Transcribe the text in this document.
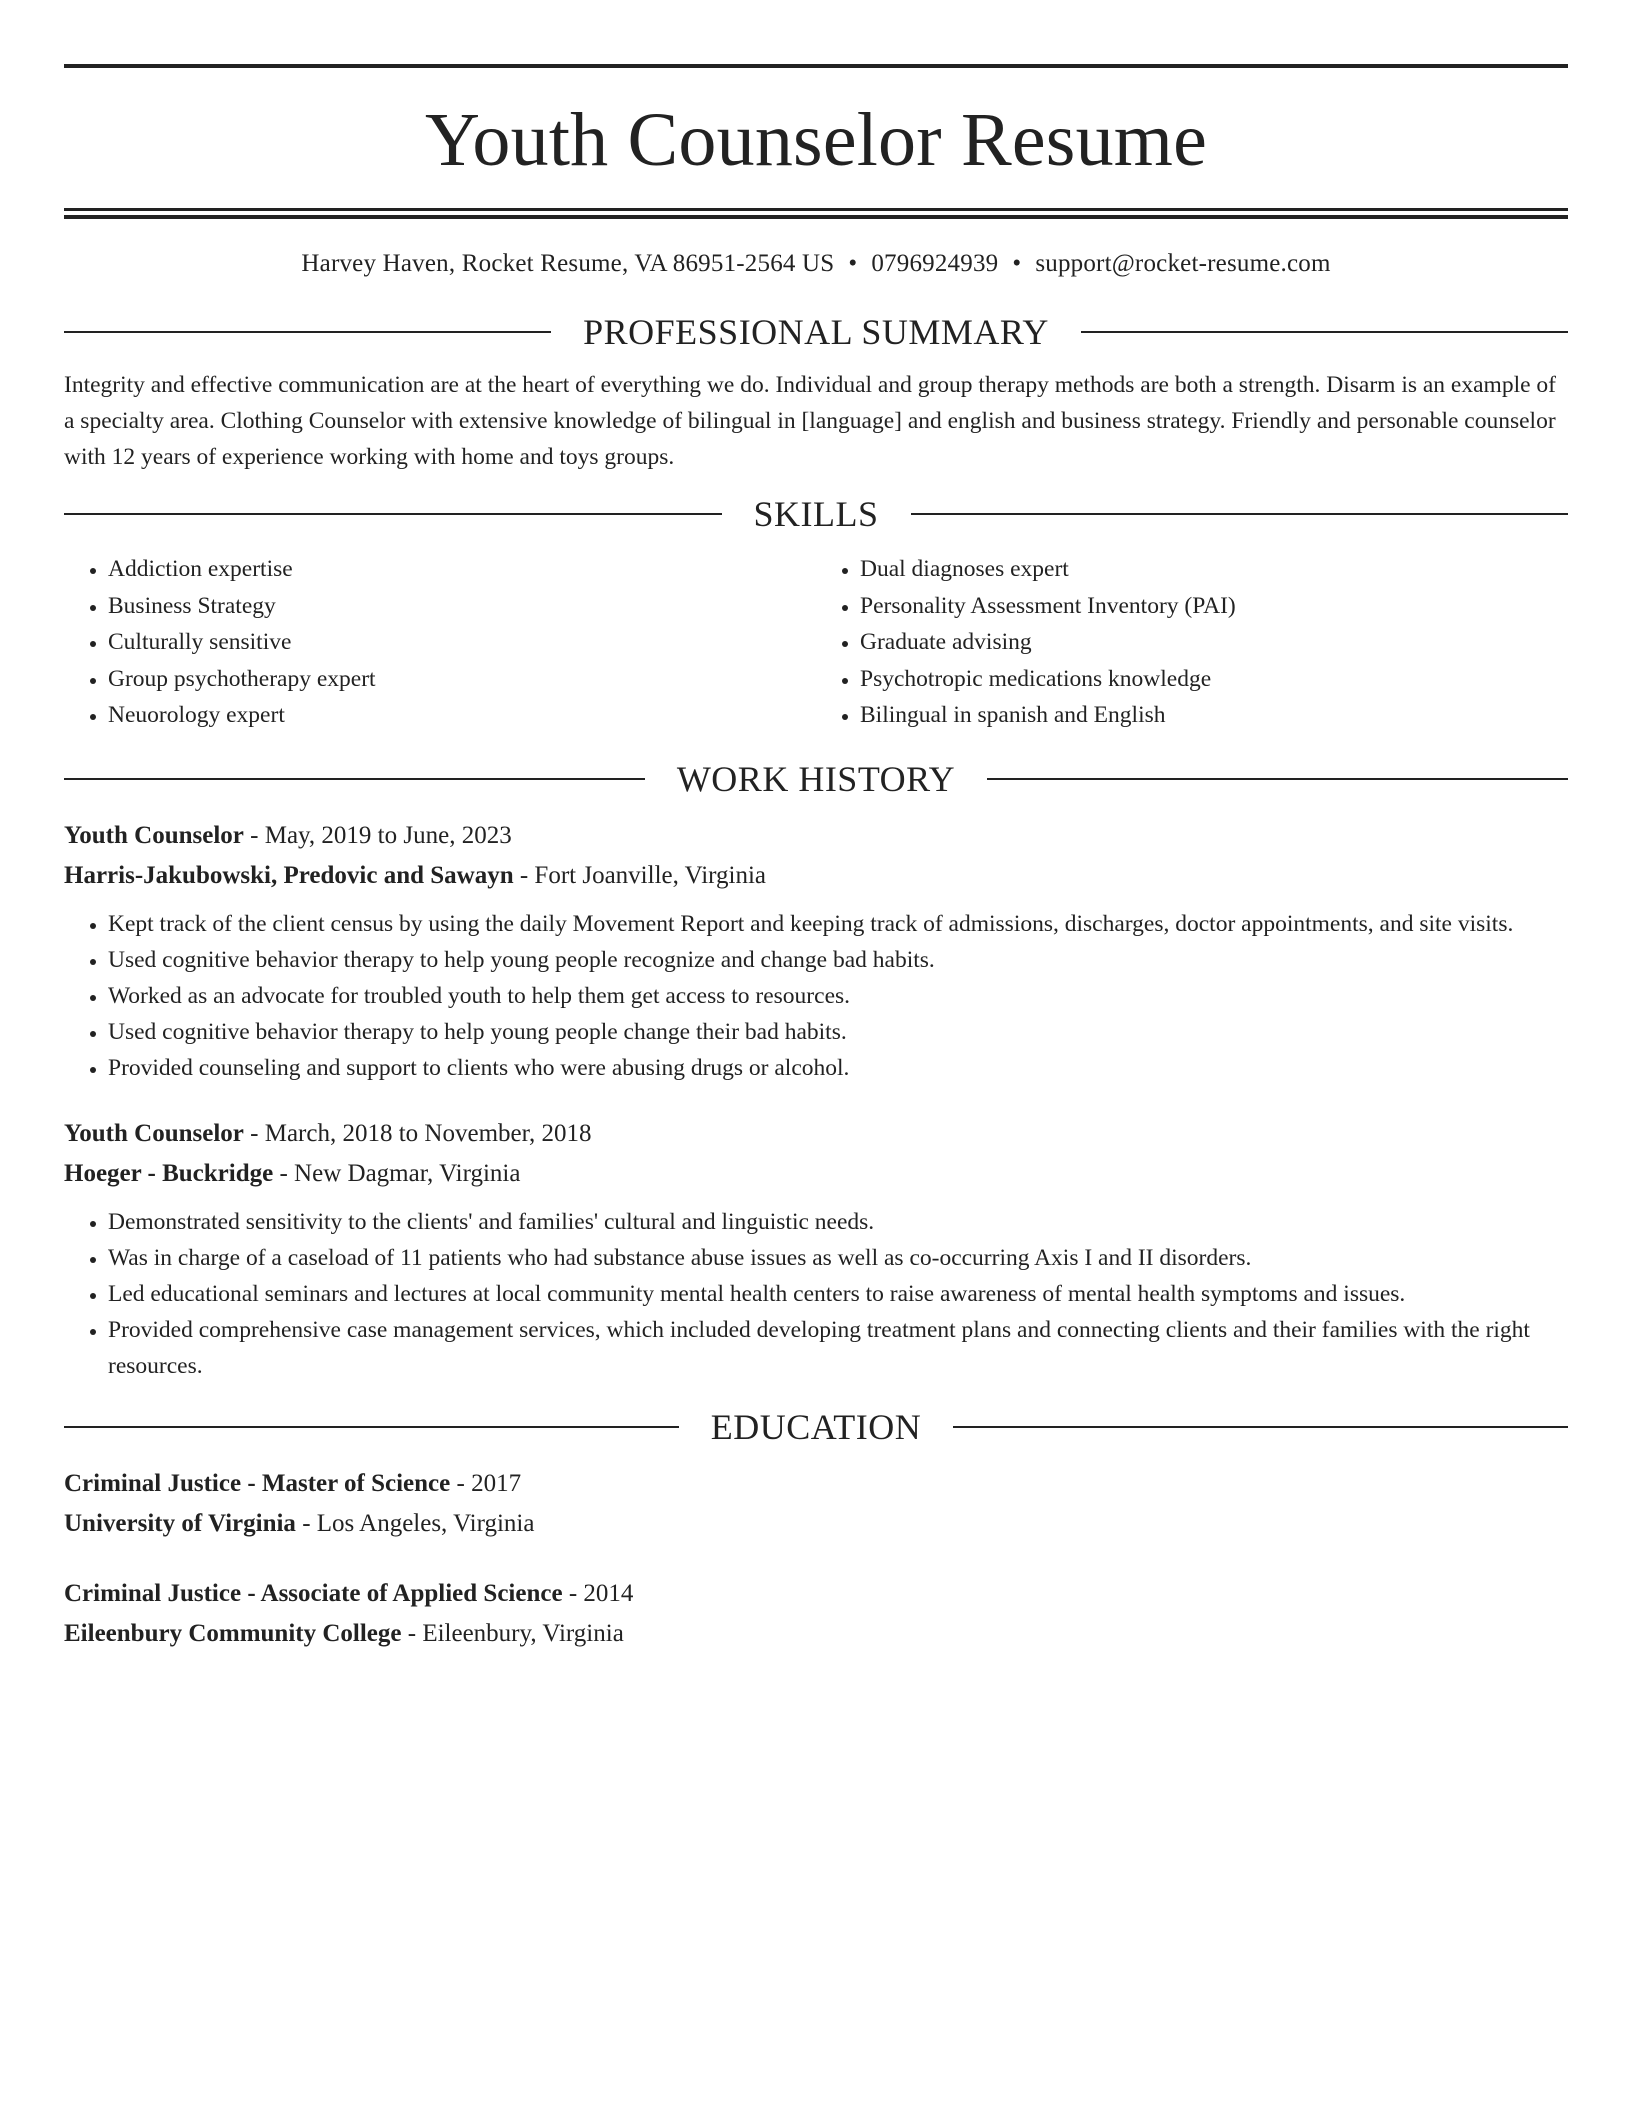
Youth Counselor Resume
Harvey Haven, Rocket Resume, VA 86951-2564 US • 0796924939 • support@rocket-resume.com
PROFESSIONAL SUMMARY
Integrity and effective communication are at the heart of everything we do. Individual and group therapy methods are both a strength. Disarm is an example of a specialty area. Clothing Counselor with extensive knowledge of bilingual in [language] and english and business strategy. Friendly and personable counselor with 12 years of experience working with home and toys groups.
SKILLS
• Addiction expertise
• Business Strategy
• Culturally sensitive
• Group psychotherapy expert
• Neuorology expert
• Dual diagnoses expert
• Personality Assessment Inventory (PAI)
• Graduate advising
• Psychotropic medications knowledge
• Bilingual in spanish and English
WORK HISTORY
Youth Counselor - May, 2019 to June, 2023
Harris-Jakubowski, Predovic and Sawayn - Fort Joanville, Virginia
• Kept track of the client census by using the daily Movement Report and keeping track of admissions, discharges, doctor appointments, and site visits.
• Used cognitive behavior therapy to help young people recognize and change bad habits.
• Worked as an advocate for troubled youth to help them get access to resources.
• Used cognitive behavior therapy to help young people change their bad habits.
• Provided counseling and support to clients who were abusing drugs or alcohol.
Youth Counselor - March, 2018 to November, 2018
Hoeger - Buckridge - New Dagmar, Virginia
• Demonstrated sensitivity to the clients' and families' cultural and linguistic needs.
• Was in charge of a caseload of 11 patients who had substance abuse issues as well as co-occurring Axis I and II disorders.
• Led educational seminars and lectures at local community mental health centers to raise awareness of mental health symptoms and issues.
• Provided comprehensive case management services, which included developing treatment plans and connecting clients and their families with the right resources.
EDUCATION
Criminal Justice - Master of Science - 2017
University of Virginia - Los Angeles, Virginia
Criminal Justice - Associate of Applied Science - 2014
Eileenbury Community College - Eileenbury, Virginia
